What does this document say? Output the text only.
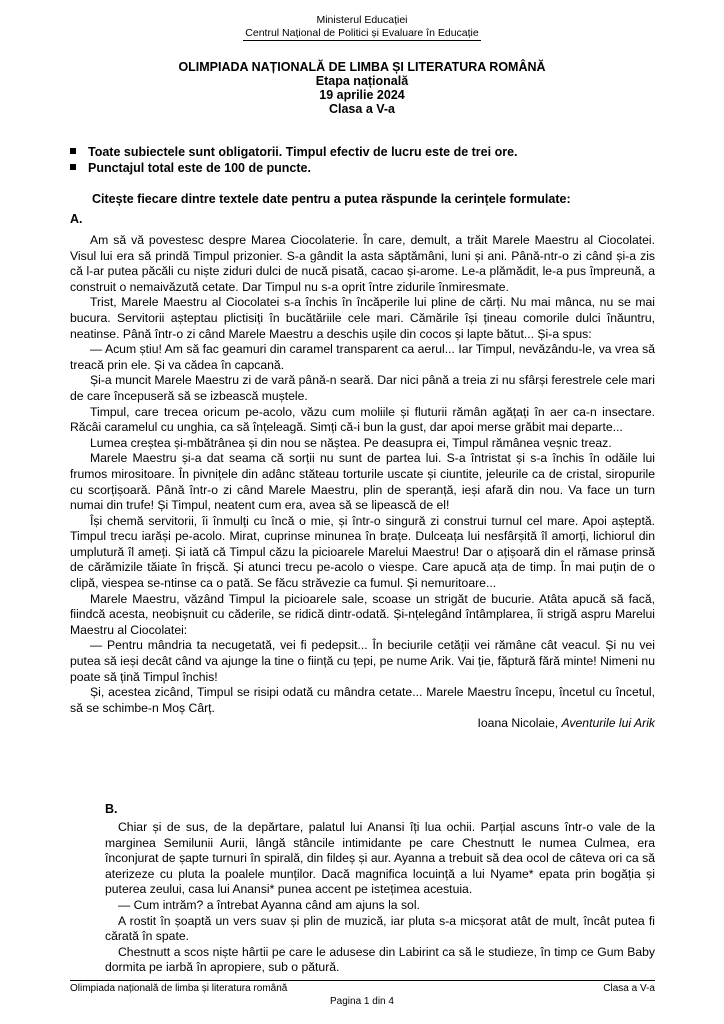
Ministerul Educației
Centrul Național de Politici și Evaluare în Educație
OLIMPIADA NAȚIONALĂ DE LIMBA ȘI LITERATURA ROMÂNĂ
Etapa națională
19 aprilie 2024
Clasa a V-a
Toate subiectele sunt obligatorii. Timpul efectiv de lucru este de trei ore.
Punctajul total este de 100 de puncte.
Citește fiecare dintre textele date pentru a putea răspunde la cerințele formulate:
A.

Am să vă povestesc despre Marea Ciocolaterie. În care, demult, a trăit Marele Maestru al Ciocolatei. Visul lui era să prindă Timpul prizonier. S-a gândit la asta săptămâni, luni și ani. Până-ntr-o zi când și-a zis că l-ar putea păcăli cu niște ziduri dulci de nucă pisată, cacao și-arome. Le-a plămădit, le-a pus împreună, a construit o nemaivăzută cetate. Dar Timpul nu s-a oprit între zidurile înmiresmate.

Trist, Marele Maestru al Ciocolatei s-a închis în încăperile lui pline de cărți. Nu mai mânca, nu se mai bucura. Servitorii așteptau plictisiți în bucătăriile cele mari. Cămările își țineau comorile dulci înăuntru, neatinse. Până într-o zi când Marele Maestru a deschis ușile din cocos și lapte bătut... Și-a spus:

— Acum știu! Am să fac geamuri din caramel transparent ca aerul... Iar Timpul, nevăzându-le, va vrea să treacă prin ele. Și va cădea în capcană.

Și-a muncit Marele Maestru zi de vară până-n seară. Dar nici până a treia zi nu sfârși ferestrele cele mari de care începuseră să se izbească muștele.

Timpul, care trecea oricum pe-acolo, văzu cum moliile și fluturii rămân agățați în aer ca-n insectare. Răcâi caramelul cu unghia, ca să înțeleagă. Simți că-i bun la gust, dar apoi merse grăbit mai departe...

Lumea creștea și-mbătrânea și din nou se năștea. Pe deasupra ei, Timpul rămânea veșnic treaz.

Marele Maestru și-a dat seama că sorții nu sunt de partea lui. S-a întristat și s-a închis în odăile lui frumos mirositoare. În pivnițele din adânc stăteau torturile uscate și ciuntite, jeleurile ca de cristal, siropurile cu scorțișoară. Până într-o zi când Marele Maestru, plin de speranță, ieși afară din nou. Va face un turn numai din trufe! Și Timpul, neatent cum era, avea să se lipească de el!

Își chemă servitorii, îi înmulți cu încă o mie, și într-o singură zi construi turnul cel mare. Apoi așteptă. Timpul trecu iarăși pe-acolo. Mirat, cuprinse minunea în brațe. Dulceața lui nesfârșită îl amorți, lichiorul din umplutură îl ameți. Și iată că Timpul căzu la picioarele Marelui Maestru! Dar o ațișoară din el rămase prinsă de cărămizile tăiate în frișcă. Și atunci trecu pe-acolo o viespe. Care apucă ața de timp. În mai puțin de o clipă, viespea se-ntinse ca o pată. Se făcu străvezie ca fumul. Și nemuritoare...

Marele Maestru, văzând Timpul la picioarele sale, scoase un strigăt de bucurie. Atâta apucă să facă, fiindcă acesta, neobișnuit cu căderile, se ridică dintr-odată. Și-nțelegând întâmplarea, îi strigă aspru Marelui Maestru al Ciocolatei:

— Pentru mândria ta necugetată, vei fi pedepsit... În beciurile cetății vei rămâne cât veacul. Și nu vei putea să ieși decât când va ajunge la tine o ființă cu țepi, pe nume Arik. Vai ție, făptură fără minte! Nimeni nu poate să țină Timpul închis!

Și, acestea zicând, Timpul se risipi odată cu mândra cetate... Marele Maestru începu, încetul cu încetul, să se schimbe-n Moș Cârț.

Ioana Nicolaie, Aventurile lui Arik

B.

Chiar și de sus, de la depărtare, palatul lui Anansi îți lua ochii. Parțial ascuns într-o vale de la marginea Semilunii Aurii, lângă stâncile intimidante pe care Chestnutt le numea Culmea, era înconjurat de șapte turnuri în spirală, din fildeș și aur. Ayanna a trebuit să dea ocol de câteva ori ca să aterizeze cu pluta la poalele munților. Dacă magnifica locuință a lui Nyame* epata prin bogăția și puterea zeului, casa lui Anansi* punea accent pe istețimea acestuia.

— Cum intrăm? a întrebat Ayanna când am ajuns la sol.

A rostit în șoaptă un vers suav și plin de muzică, iar pluta s-a micșorat atât de mult, încât putea fi cărată în spate.

Chestnutt a scos niște hârtii pe care le adusese din Labirint ca să le studieze, în timp ce Gum Baby dormita pe iarbă în apropiere, sub o pătură.

Olimpiada națională de limba și literatura română	Clasa a V-a
Pagina 1 din 4
